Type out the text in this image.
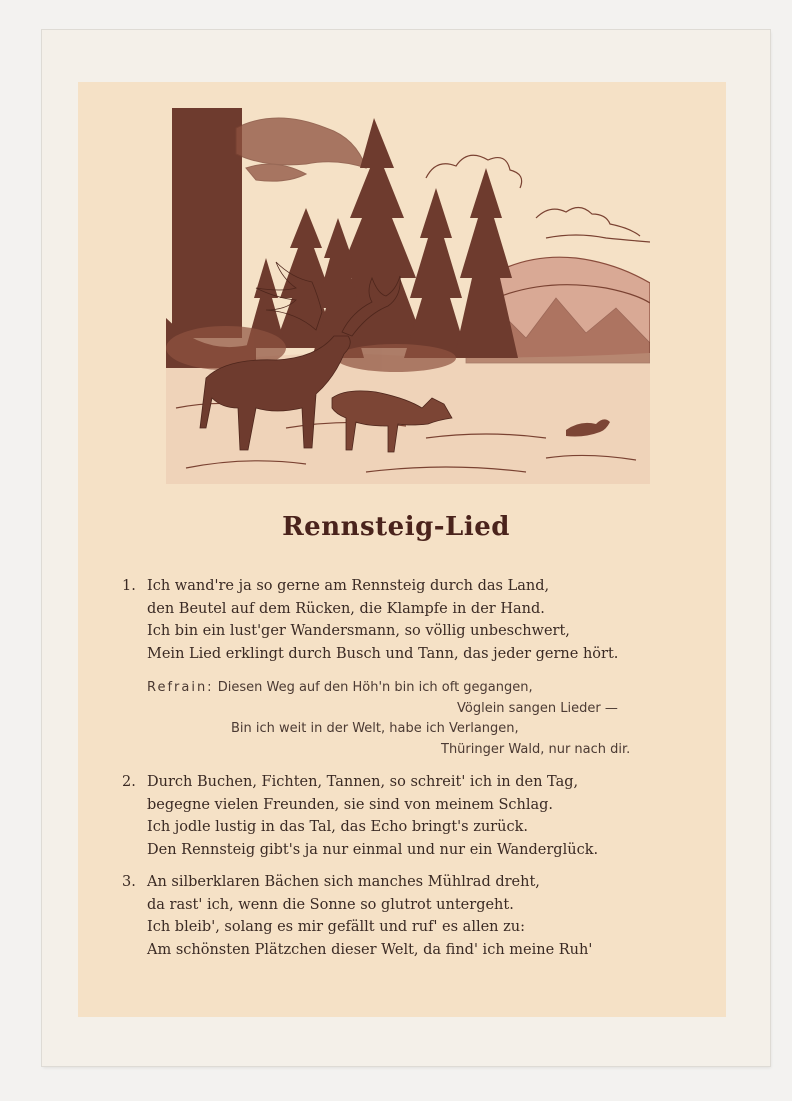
Rennsteig-Lied
1. Ich wand're ja so gerne am Rennsteig durch das Land,
den Beutel auf dem Rücken, die Klampfe in der Hand.
Ich bin ein lust'ger Wandersmann, so völlig unbeschwert,
Mein Lied erklingt durch Busch und Tann, das jeder gerne hört.
Refrain: Diesen Weg auf den Höh'n bin ich oft gegangen,
Vöglein sangen Lieder —
Bin ich weit in der Welt, habe ich Verlangen,
Thüringer Wald, nur nach dir.
2. Durch Buchen, Fichten, Tannen, so schreit' ich in den Tag,
begegne vielen Freunden, sie sind von meinem Schlag.
Ich jodle lustig in das Tal, das Echo bringt's zurück.
Den Rennsteig gibt's ja nur einmal und nur ein Wanderglück.
3. An silberklaren Bächen sich manches Mühlrad dreht,
da rast' ich, wenn die Sonne so glutrot untergeht.
Ich bleib', solang es mir gefällt und ruf' es allen zu:
Am schönsten Plätzchen dieser Welt, da find' ich meine Ruh'
